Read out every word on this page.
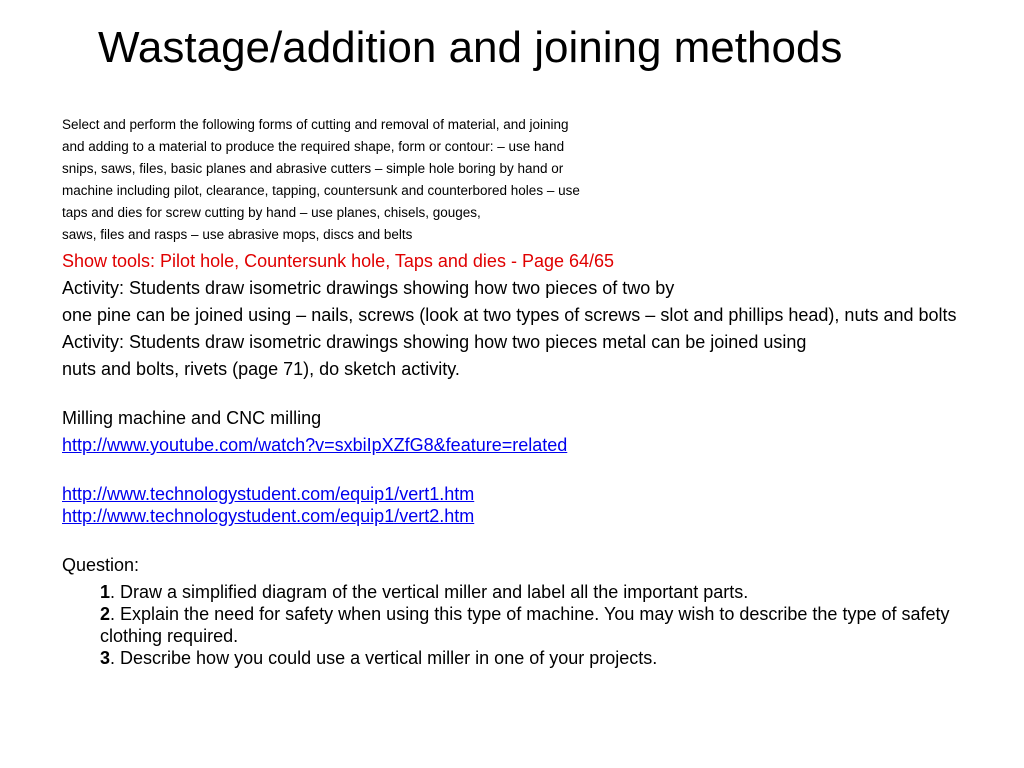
Wastage/addition and joining methods

Select and perform the following forms of cutting and removal of material, and joining

and adding to a material to produce the required shape, form or contour: – use hand

snips, saws, files, basic planes and abrasive cutters – simple hole boring by hand or

machine including pilot, clearance, tapping, countersunk and counterbored holes – use

taps and dies for screw cutting by hand – use planes, chisels, gouges,

saws, files and rasps – use abrasive mops, discs and belts

Show tools: Pilot hole, Countersunk hole, Taps and dies - Page 64/65

Activity: Students draw isometric drawings showing how two pieces of two by

one pine can be joined using – nails, screws (look at two types of screws – slot and phillips head), nuts and bolts

Activity: Students draw isometric drawings showing how two pieces metal can be joined using

nuts and bolts, rivets (page 71), do sketch activity.

Milling machine and CNC milling

http://www.youtube.com/watch?v=sxbiIpXZfG8&feature=related

http://www.technologystudent.com/equip1/vert1.htm

http://www.technologystudent.com/equip1/vert2.htm

Question:

1. Draw a simplified diagram of the vertical miller and label all the important parts.

2. Explain the need for safety when using this type of machine. You may wish to describe the type of safety clothing required.

3. Describe how you could use a vertical miller in one of your projects.
